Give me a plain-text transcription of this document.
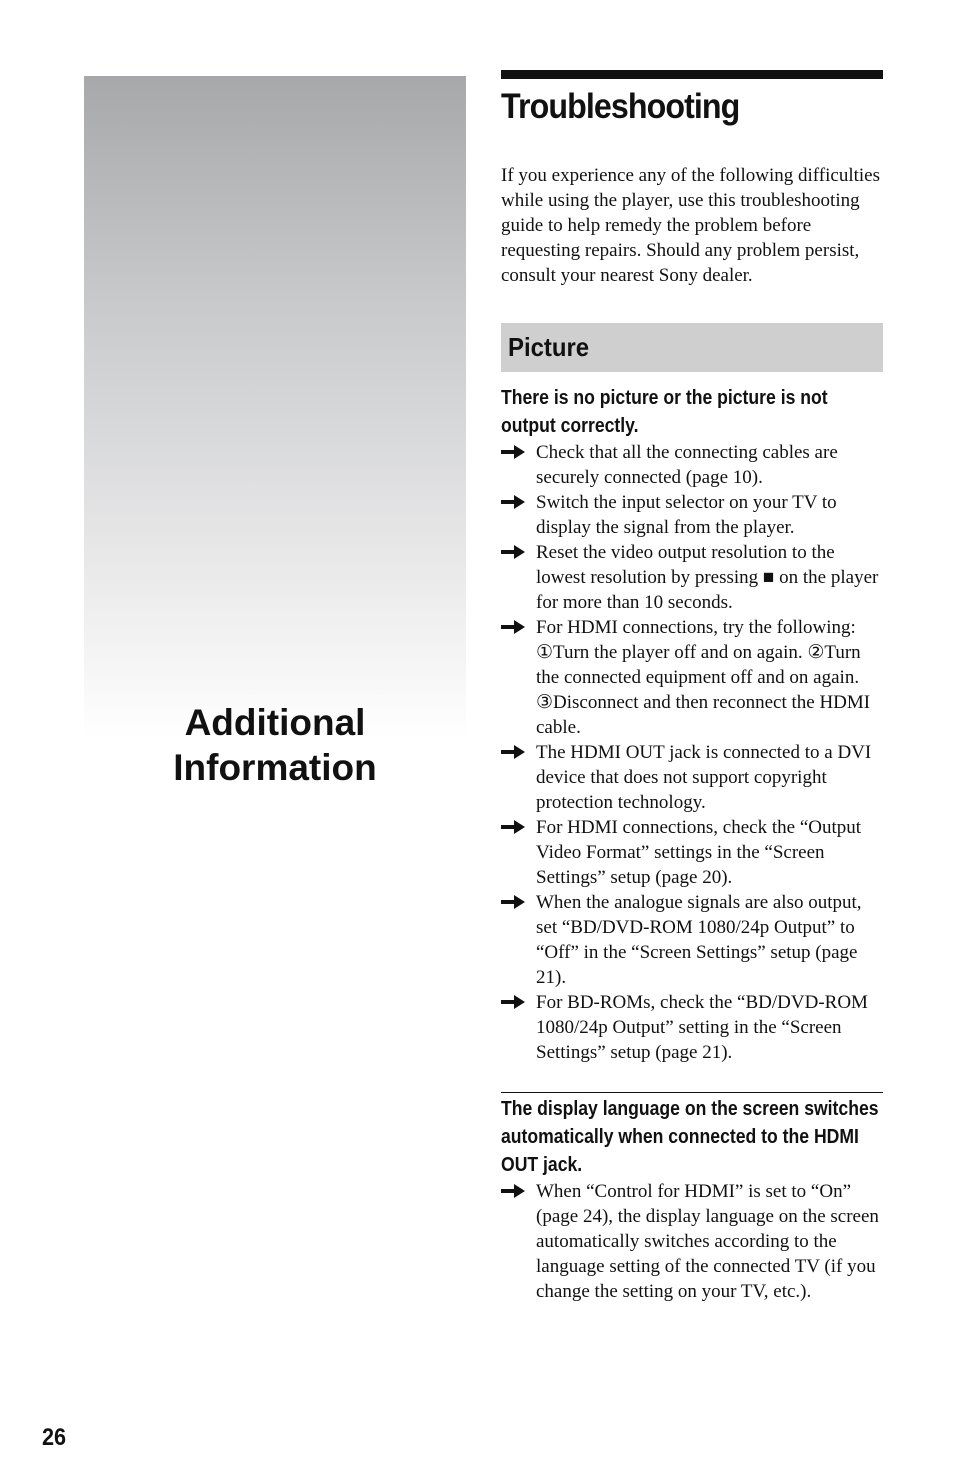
Additional
Information
Troubleshooting

If you experience any of the following difficulties while using the player, use this troubleshooting guide to help remedy the problem before requesting repairs. Should any problem persist, consult your nearest Sony dealer.

Picture
There is no picture or the picture is not output correctly.
Check that all the connecting cables are securely connected (page 10).
Switch the input selector on your TV to display the signal from the player.
Reset the video output resolution to the lowest resolution by pressing ■ on the player for more than 10 seconds.
For HDMI connections, try the following: ①Turn the player off and on again. ②Turn the connected equipment off and on again. ③Disconnect and then reconnect the HDMI cable.
The HDMI OUT jack is connected to a DVI device that does not support copyright protection technology.
For HDMI connections, check the “Output Video Format” settings in the “Screen Settings” setup (page 20).
When the analogue signals are also output, set “BD/DVD-ROM 1080/24p Output” to “Off” in the “Screen Settings” setup (page 21).
For BD-ROMs, check the “BD/DVD-ROM 1080/24p Output” setting in the “Screen Settings” setup (page 21).
The display language on the screen switches automatically when connected to the HDMI OUT jack.
When “Control for HDMI” is set to “On” (page 24), the display language on the screen automatically switches according to the language setting of the connected TV (if you change the setting on your TV, etc.).
26
